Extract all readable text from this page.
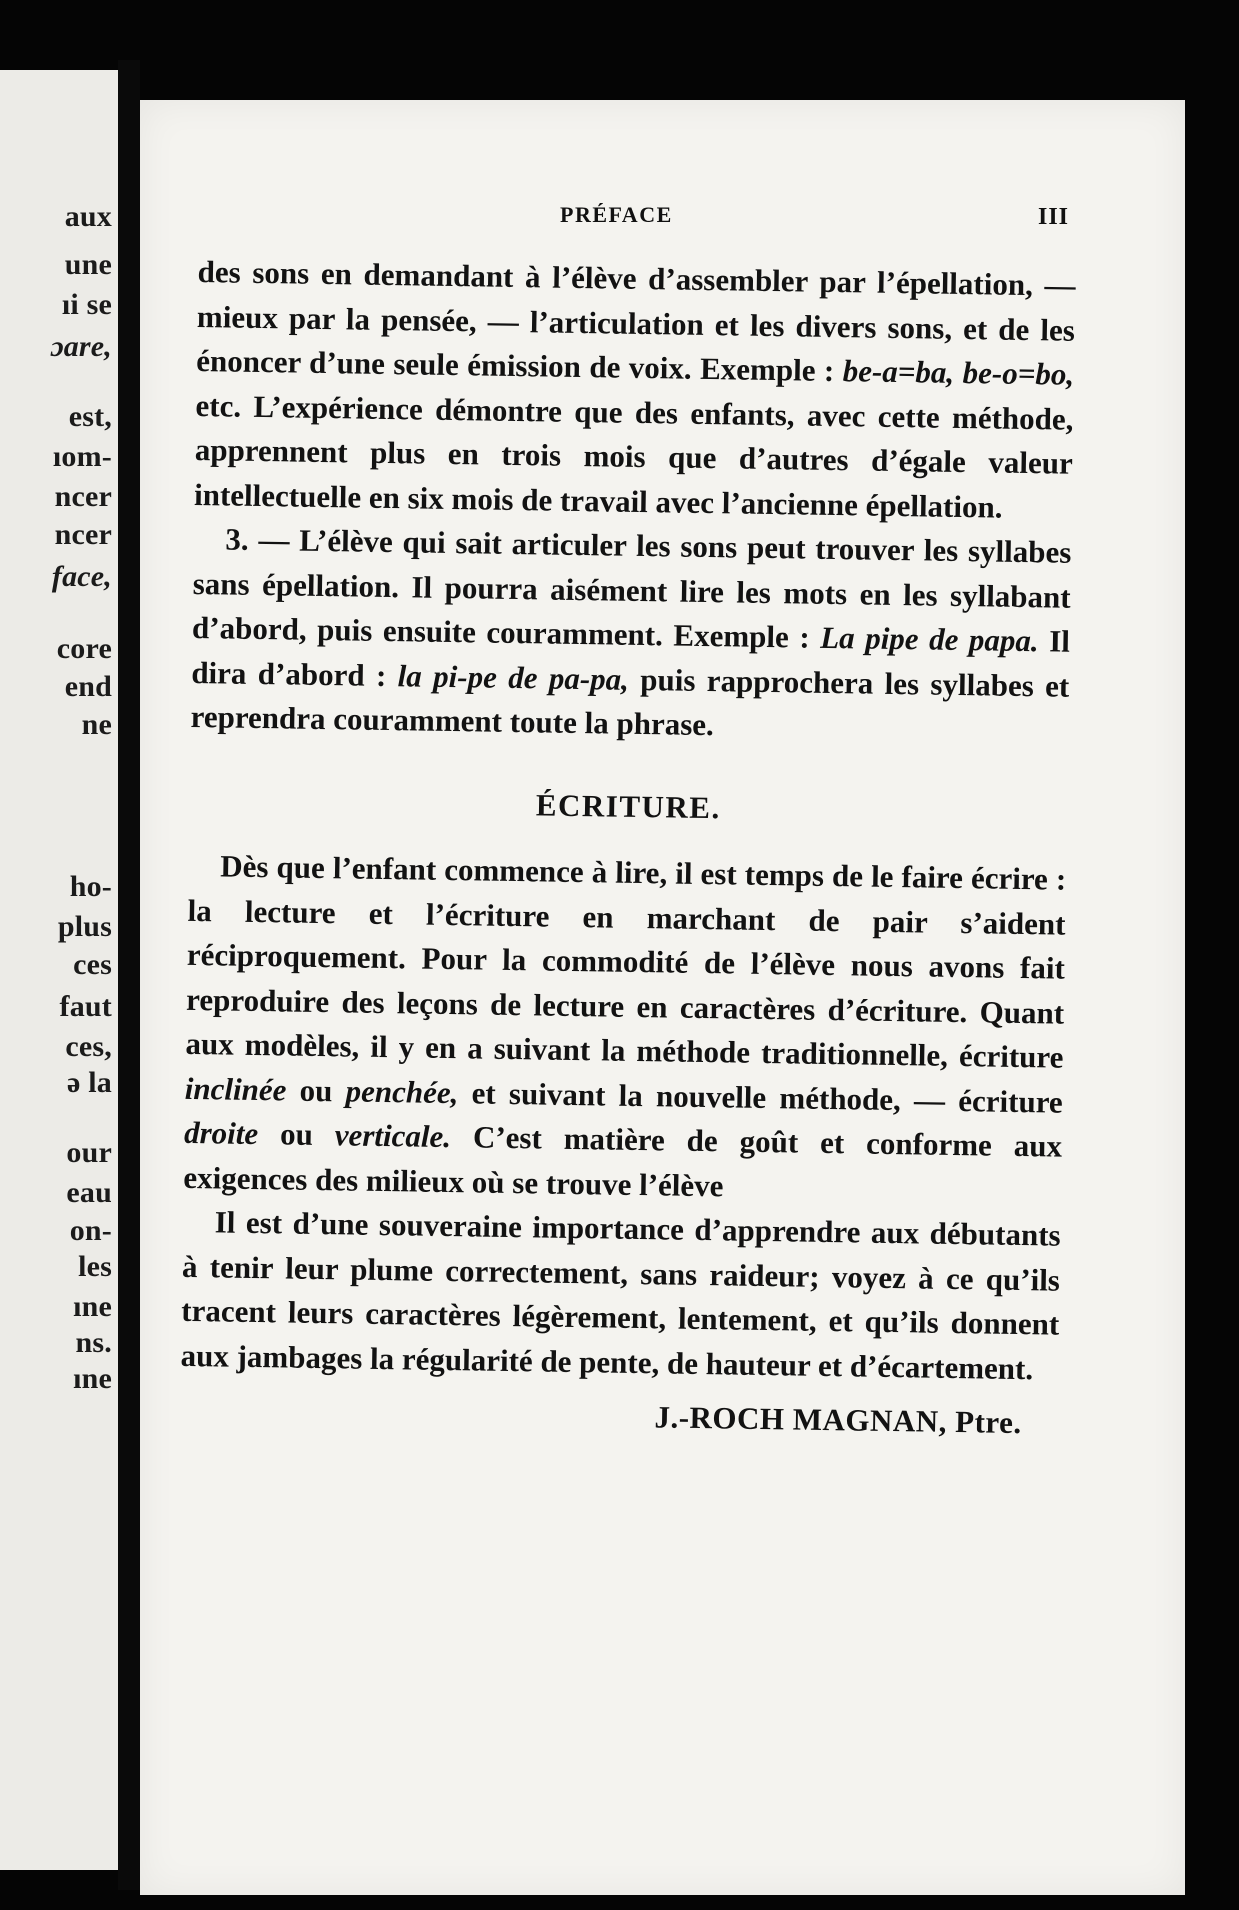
aux
une
ıi se
ɔare,
est,
ıom-
ncer
ncer
face,
core
end
ne
ho-
plus
ces
faut
ces,
ə la
our
eau
on-
les
ıne
ns.
ıne
PRÉFACE	III

des sons en demandant à l’élève d’assembler par l’épellation, — mieux par la pensée, — l’articulation et les divers sons, et de les énoncer d’une seule émission de voix. Exemple : be-a=ba, be-o=bo, etc. L’expérience démontre que des enfants, avec cette méthode, apprennent plus en trois mois que d’autres d’égale valeur intellectuelle en six mois de travail avec l’ancienne épellation.

3. — L’élève qui sait articuler les sons peut trouver les syllabes sans épellation. Il pourra aisément lire les mots en les syllabant d’abord, puis ensuite couramment. Exemple : La pipe de papa. Il dira d’abord : la pi-pe de pa-pa, puis rapprochera les syllabes et reprendra couramment toute la phrase.

ÉCRITURE.

Dès que l’enfant commence à lire, il est temps de le faire écrire : la lecture et l’écriture en marchant de pair s’aident réciproquement. Pour la commodité de l’élève nous avons fait reproduire des leçons de lecture en caractères d’écriture. Quant aux modèles, il y en a suivant la méthode traditionnelle, écriture inclinée ou penchée, et suivant la nouvelle méthode, — écriture droite ou verticale. C’est matière de goût et conforme aux exigences des milieux où se trouve l’élève

Il est d’une souveraine importance d’apprendre aux débutants à tenir leur plume correctement, sans raideur; voyez à ce qu’ils tracent leurs caractères légèrement, lentement, et qu’ils donnent aux jambages la régularité de pente, de hauteur et d’écartement.

J.-ROCH MAGNAN, Ptre.
